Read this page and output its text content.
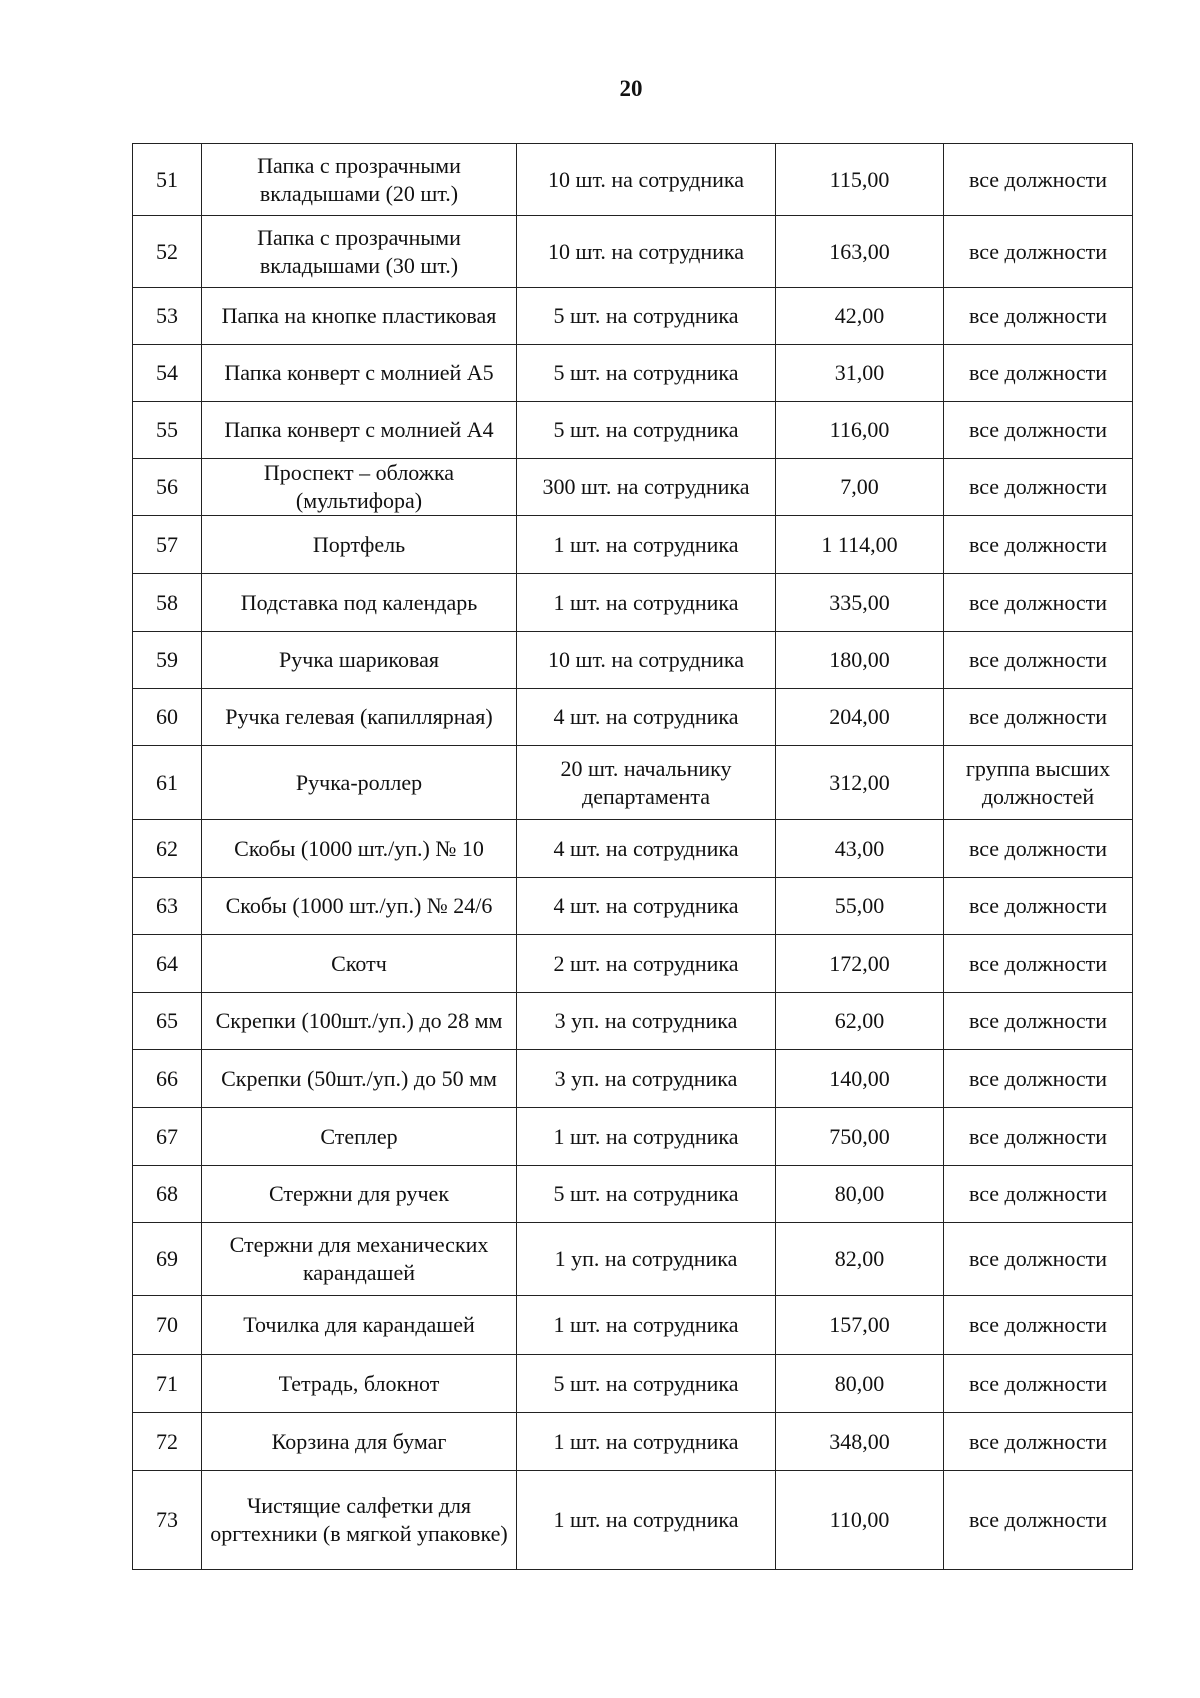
20
51	Папка с прозрачными вкладышами (20 шт.)	10 шт. на сотрудника	115,00	все должности
52	Папка с прозрачными вкладышами (30 шт.)	10 шт. на сотрудника	163,00	все должности
53	Папка на кнопке пластиковая	5 шт. на сотрудника	42,00	все должности
54	Папка конверт с молнией А5	5 шт. на сотрудника	31,00	все должности
55	Папка конверт с молнией А4	5 шт. на сотрудника	116,00	все должности
56	Проспект – обложка (мультифора)	300 шт. на сотрудника	7,00	все должности
57	Портфель	1 шт. на сотрудника	1 114,00	все должности
58	Подставка под календарь	1 шт. на сотрудника	335,00	все должности
59	Ручка шариковая	10 шт. на сотрудника	180,00	все должности
60	Ручка гелевая (капиллярная)	4 шт. на сотрудника	204,00	все должности
61	Ручка-роллер	20 шт. начальнику департамента	312,00	группа высших должностей
62	Скобы (1000 шт./уп.) № 10	4 шт. на сотрудника	43,00	все должности
63	Скобы (1000 шт./уп.) № 24/6	4 шт. на сотрудника	55,00	все должности
64	Скотч	2 шт. на сотрудника	172,00	все должности
65	Скрепки (100шт./уп.) до 28 мм	3 уп. на сотрудника	62,00	все должности
66	Скрепки (50шт./уп.) до 50 мм	3 уп. на сотрудника	140,00	все должности
67	Степлер	1 шт. на сотрудника	750,00	все должности
68	Стержни для ручек	5 шт. на сотрудника	80,00	все должности
69	Стержни для механических карандашей	1 уп. на сотрудника	82,00	все должности
70	Точилка для карандашей	1 шт. на сотрудника	157,00	все должности
71	Тетрадь, блокнот	5 шт. на сотрудника	80,00	все должности
72	Корзина для бумаг	1 шт. на сотрудника	348,00	все должности
73	Чистящие салфетки для оргтехники (в мягкой упаковке)	1 шт. на сотрудника	110,00	все должности
